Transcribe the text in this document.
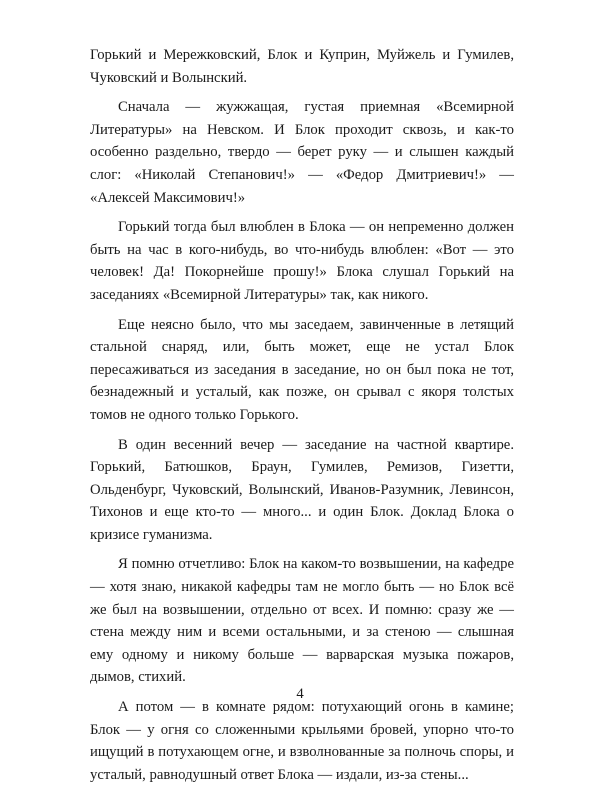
Горький и Мережковский, Блок и Куприн, Муйжель и Гумилев, Чуковский и Волынский.

Сначала — жужжащая, густая приемная «Всемирной Литературы» на Невском. И Блок проходит сквозь, и как-то особенно раздельно, твердо — берет руку — и слышен каждый слог: «Николай Степанович!» — «Федор Дмитриевич!» — «Алексей Максимович!»

Горький тогда был влюблен в Блока — он непременно должен быть на час в кого-нибудь, во что-нибудь влюблен: «Вот — это человек! Да! Покорнейше прошу!» Блока слушал Горький на заседаниях «Всемирной Литературы» так, как никого.

Еще неясно было, что мы заседаем, завинченные в летящий стальной снаряд, или, быть может, еще не устал Блок пересаживаться из заседания в заседание, но он был пока не тот, безнадежный и усталый, как позже, он срывал с якоря толстых томов не одного только Горького.

В один весенний вечер — заседание на частной квартире. Горький, Батюшков, Браун, Гумилев, Ремизов, Гизетти, Ольденбург, Чуковский, Волынский, Иванов-Разумник, Левинсон, Тихонов и еще кто-то — много... и один Блок. Доклад Блока о кризисе гуманизма.

Я помню отчетливо: Блок на каком-то возвышении, на кафедре — хотя знаю, никакой кафедры там не могло быть — но Блок всё же был на возвышении, отдельно от всех. И помню: сразу же — стена между ним и всеми остальными, и за стеною — слышная ему одному и никому больше — варварская музыка пожаров, дымов, стихий.

А потом — в комнате рядом: потухающий огонь в камине; Блок — у огня со сложенными крыльями бровей, упорно что-то ищущий в потухающем огне, и взволнованные за полночь споры, и усталый, равнодушный ответ Блока — издали, из-за стены...

4
